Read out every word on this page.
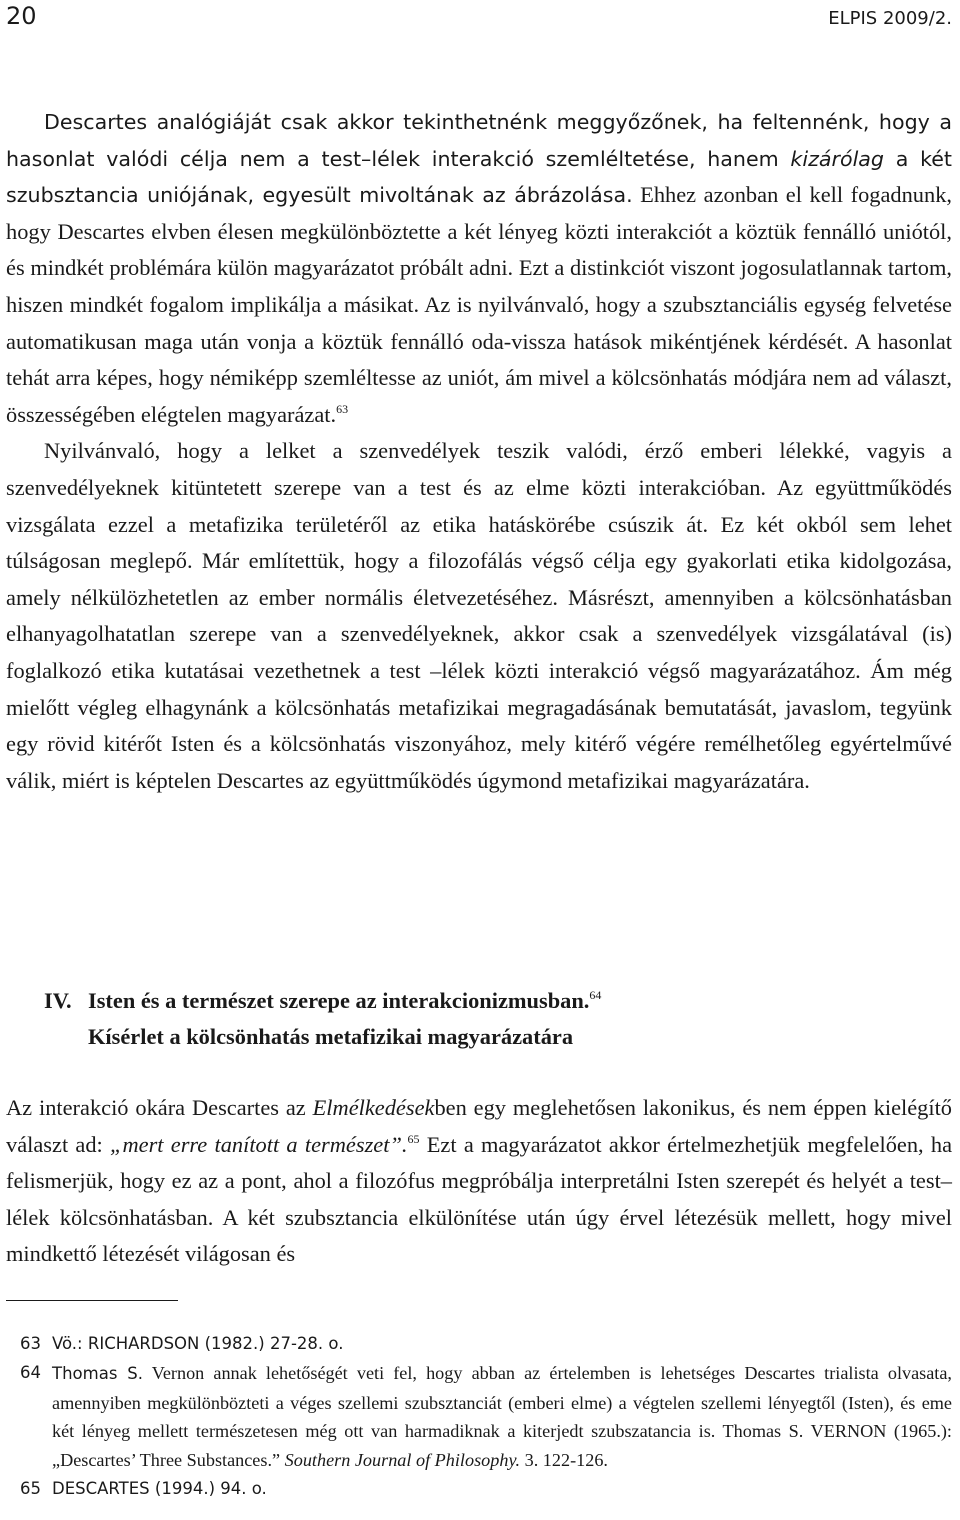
20	ELPIS 2009/2.

Descartes analógiáját csak akkor tekinthetnénk meggyőzőnek, ha feltennénk, hogy a hasonlat valódi célja nem a test–lélek interakció szemléltetése, hanem kizárólag a két szubsztancia uniójának, egyesült mivoltának az ábrázolása. Ehhez azonban el kell fogadnunk, hogy Descartes elvben élesen megkülönböztette a két lényeg közti interakciót a köztük fennálló uniótól, és mindkét problémára külön magyarázatot próbált adni. Ezt a distinkciót viszont jogosulatlannak tartom, hiszen mindkét fogalom implikálja a másikat. Az is nyilvánvaló, hogy a szubsztanciális egység felvetése automatikusan maga után vonja a köztük fennálló oda-vissza hatások mikéntjének kérdését. A hasonlat tehát arra képes, hogy némiképp szemléltesse az uniót, ám mivel a kölcsönhatás módjára nem ad választ, összességében elégtelen magyarázat.$^{63}$

Nyilvánvaló, hogy a lelket a szenvedélyek teszik valódi, érző emberi lélekké, vagyis a szenvedélyeknek kitüntetett szerepe van a test és az elme közti interakcióban. Az együttműködés vizsgálata ezzel a metafizika területéről az etika hatáskörébe csúszik át. Ez két okból sem lehet túlságosan meglepő. Már említettük, hogy a filozofálás végső célja egy gyakorlati etika kidolgozása, amely nélkülözhetetlen az ember normális életvezetéséhez. Másrészt, amennyiben a kölcsönhatásban elhanyagolhatatlan szerepe van a szenvedélyeknek, akkor csak a szenvedélyek vizsgálatával (is) foglalkozó etika kutatásai vezethetnek a test –lélek közti interakció végső magyarázatához. Ám még mielőtt végleg elhagynánk a kölcsönhatás metafizikai megragadásának bemutatását, javaslom, tegyünk egy rövid kitérőt Isten és a kölcsönhatás viszonyához, mely kitérő végére remélhetőleg egyértelművé válik, miért is képtelen Descartes az együttműködés úgymond metafizikai magyarázatára.

IV. Isten és a természet szerepe az interakcionizmusban.$^{64}$
Kísérlet a kölcsönhatás metafizikai magyarázatára

Az interakció okára Descartes az Elmélkedésekben egy meglehetősen lakonikus, és nem éppen kielégítő választ ad: „mert erre tanított a természet”.$^{65}$ Ezt a magyarázatot akkor értelmezhetjük megfelelően, ha felismerjük, hogy ez az a pont, ahol a filozófus megpróbálja interpretálni Isten szerepét és helyét a test–lélek kölcsönhatásban. A két szubsztancia elkülönítése után úgy érvel létezésük mellett, hogy mivel mindkettő létezését világosan és

63 Vö.: RICHARDSON (1982.) 27-28. o.
64 Thomas S. Vernon annak lehetőségét veti fel, hogy abban az értelemben is lehetséges Descartes trialista olvasata, amennyiben megkülönbözteti a véges szellemi szubsztanciát (emberi elme) a végtelen szellemi lényegtől (Isten), és eme két lényeg mellett természetesen még ott van harmadiknak a kiterjedt szubszatancia is. Thomas S. VERNON (1965.): „Descartes’ Three Substances.” Southern Journal of Philosophy. 3. 122-126.
65 DESCARTES (1994.) 94. o.
